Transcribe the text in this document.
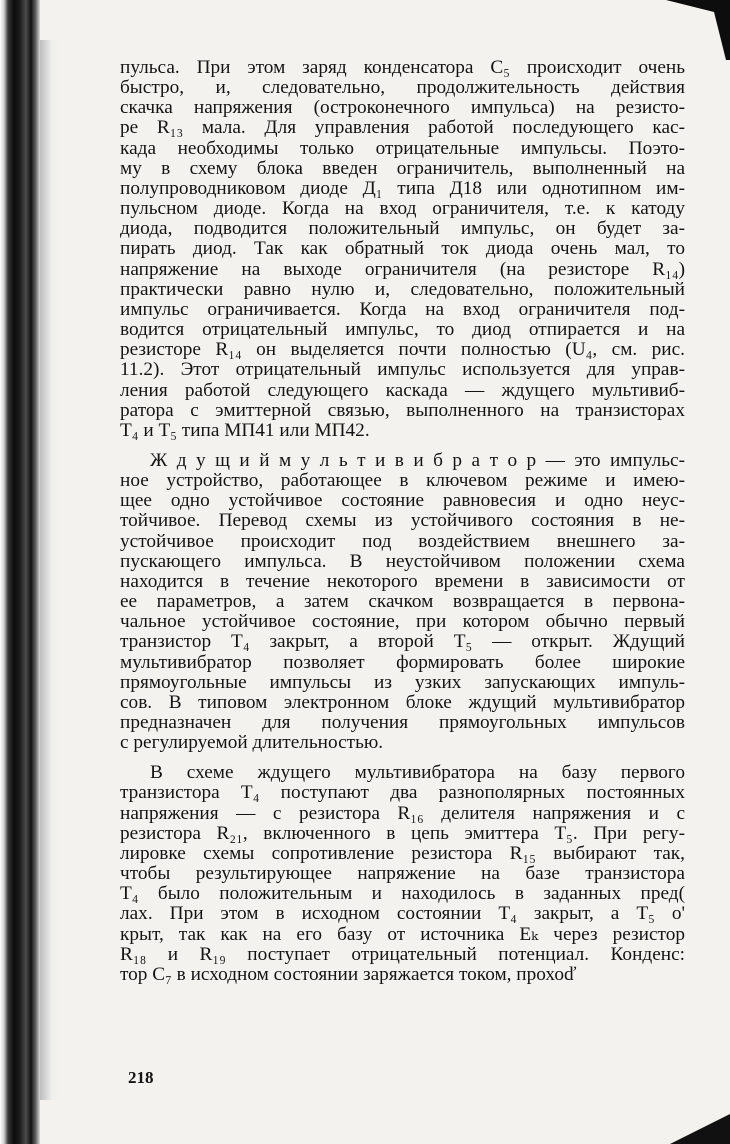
пульса. При этом заряд конденсатора C₅ происходит очень
быстро, и, следовательно, продолжительность действия
скачка напряжения (остроконечного импульса) на резисто-
ре R₁₃ мала. Для управления работой последующего кас-
када необходимы только отрицательные импульсы. Поэто-
му в схему блока введен ограничитель, выполненный на
полупроводниковом диоде Д₁ типа Д18 или однотипном им-
пульсном диоде. Когда на вход ограничителя, т.е. к катоду
диода, подводится положительный импульс, он будет за-
пирать диод. Так как обратный ток диода очень мал, то
напряжение на выходе ограничителя (на резисторе R₁₄)
практически равно нулю и, следовательно, положительный
импульс ограничивается. Когда на вход ограничителя под-
водится отрицательный импульс, то диод отпирается и на
резисторе R₁₄ он выделяется почти полностью (U₄, см. рис.
11.2). Этот отрицательный импульс используется для управ-
ления работой следующего каскада — ждущего мультивиб-
ратора с эмиттерной связью, выполненного на транзисторах
T₄ и T₅ типа МП41 или МП42.

Ж д у щ и й м у л ь т и в и б р а т о р — это импульс-
ное устройство, работающее в ключевом режиме и имею-
щее одно устойчивое состояние равновесия и одно неус-
тойчивое. Перевод схемы из устойчивого состояния в не-
устойчивое происходит под воздействием внешнего за-
пускающего импульса. В неустойчивом положении схема
находится в течение некоторого времени в зависимости от
ее параметров, а затем скачком возвращается в первона-
чальное устойчивое состояние, при котором обычно первый
транзистор T₄ закрыт, а второй T₅ — открыт. Ждущий
мультивибратор позволяет формировать более широкие
прямоугольные импульсы из узких запускающих импуль-
сов. В типовом электронном блоке ждущий мультивибратор
предназначен для получения прямоугольных импульсов
с регулируемой длительностью.

В схеме ждущего мультивибратора на базу первого
транзистора T₄ поступают два разнополярных постоянных
напряжения — с резистора R₁₆ делителя напряжения и с
резистора R₂₁, включенного в цепь эмиттера T₅. При регу-
лировке схемы сопротивление резистора R₁₅ выбирают так,
чтобы результирующее напряжение на базе транзистора
T₄ было положительным и находилось в заданных пред(
лах. При этом в исходном состоянии T₄ закрыт, а T₅ о'
крыт, так как на его базу от источника Eₖ через резистор
R₁₈ и R₁₉ поступает отрицательный потенциал. Конденс:
тор C₇ в исходном состоянии заряжается током, прохоď

218
